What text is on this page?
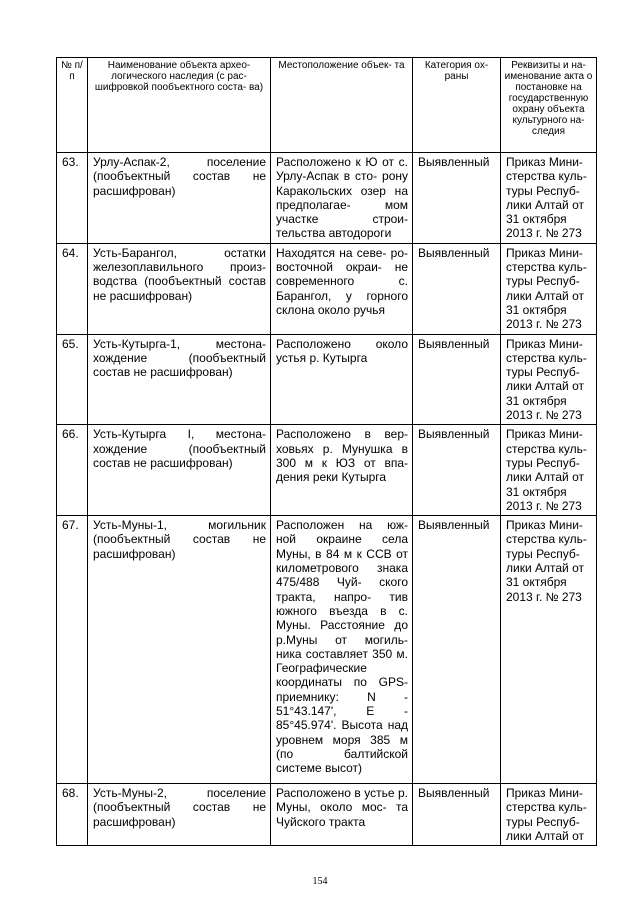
№ п/п	Наименование объекта архео- логического наследия (с рас- шифровкой пообъектного соста- ва)	Местоположение объек- та	Категория ох- раны	Реквизиты и на- именование акта о постановке на государственную охрану объекта культурного на- следия
63.	Урлу-Аспак-2, поселение (пообъектный состав не расшифрован)	Расположено к Ю от с. Урлу-Аспак в сто- рону Каракольских озер на предполагае- мом участке строи- тельства автодороги	Выявленный	Приказ Мини- стерства куль- туры Респуб- лики Алтай от 31 октября 2013 г. № 273
64.	Усть-Барангол, остатки железоплавильного произ- водства (пообъектный состав не расшифрован)	Находятся на севе- ро-восточной окраи- не современного с. Барангол, у горного склона около ручья	Выявленный	Приказ Мини- стерства куль- туры Респуб- лики Алтай от 31 октября 2013 г. № 273
65.	Усть-Кутырга-1, местона- хождение (пообъектный состав не расшифрован)	Расположено около устья р. Кутырга	Выявленный	Приказ Мини- стерства куль- туры Респуб- лики Алтай от 31 октября 2013 г. № 273
66.	Усть-Кутырга I, местона- хождение (пообъектный состав не расшифрован)	Расположено в вер- ховьях р. Мунушка в 300 м к ЮЗ от впа- дения реки Кутырга	Выявленный	Приказ Мини- стерства куль- туры Респуб- лики Алтай от 31 октября 2013 г. № 273
67.	Усть-Муны-1, могильник (пообъектный состав не расшифрован)	Расположен на юж- ной окраине села Муны, в 84 м к ССВ от километрового знака 475/488 Чуй- ского тракта, напро- тив южного въезда в с. Муны. Расстояние до р.Муны от могиль- ника составляет 350 м. Географические координаты по GPS- приемнику: N - 51°43.147', E - 85°45.974'. Высота над уровнем моря 385 м (по балтийской системе высот)	Выявленный	Приказ Мини- стерства куль- туры Респуб- лики Алтай от 31 октября 2013 г. № 273
68.	Усть-Муны-2, поселение (пообъектный состав не расшифрован)	Расположено в устье р. Муны, около мос- та Чуйского тракта	Выявленный	Приказ Мини- стерства куль- туры Респуб- лики Алтай от
154
